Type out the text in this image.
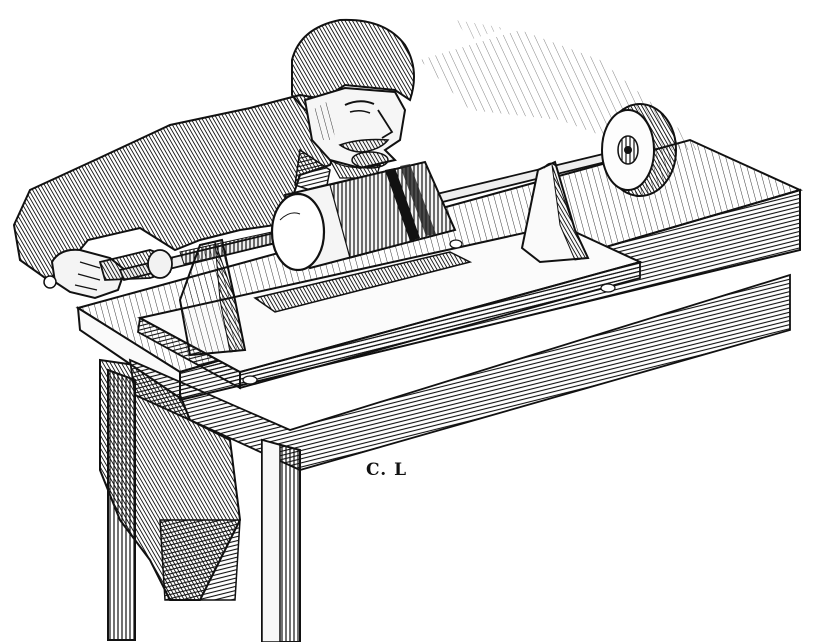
C. L
